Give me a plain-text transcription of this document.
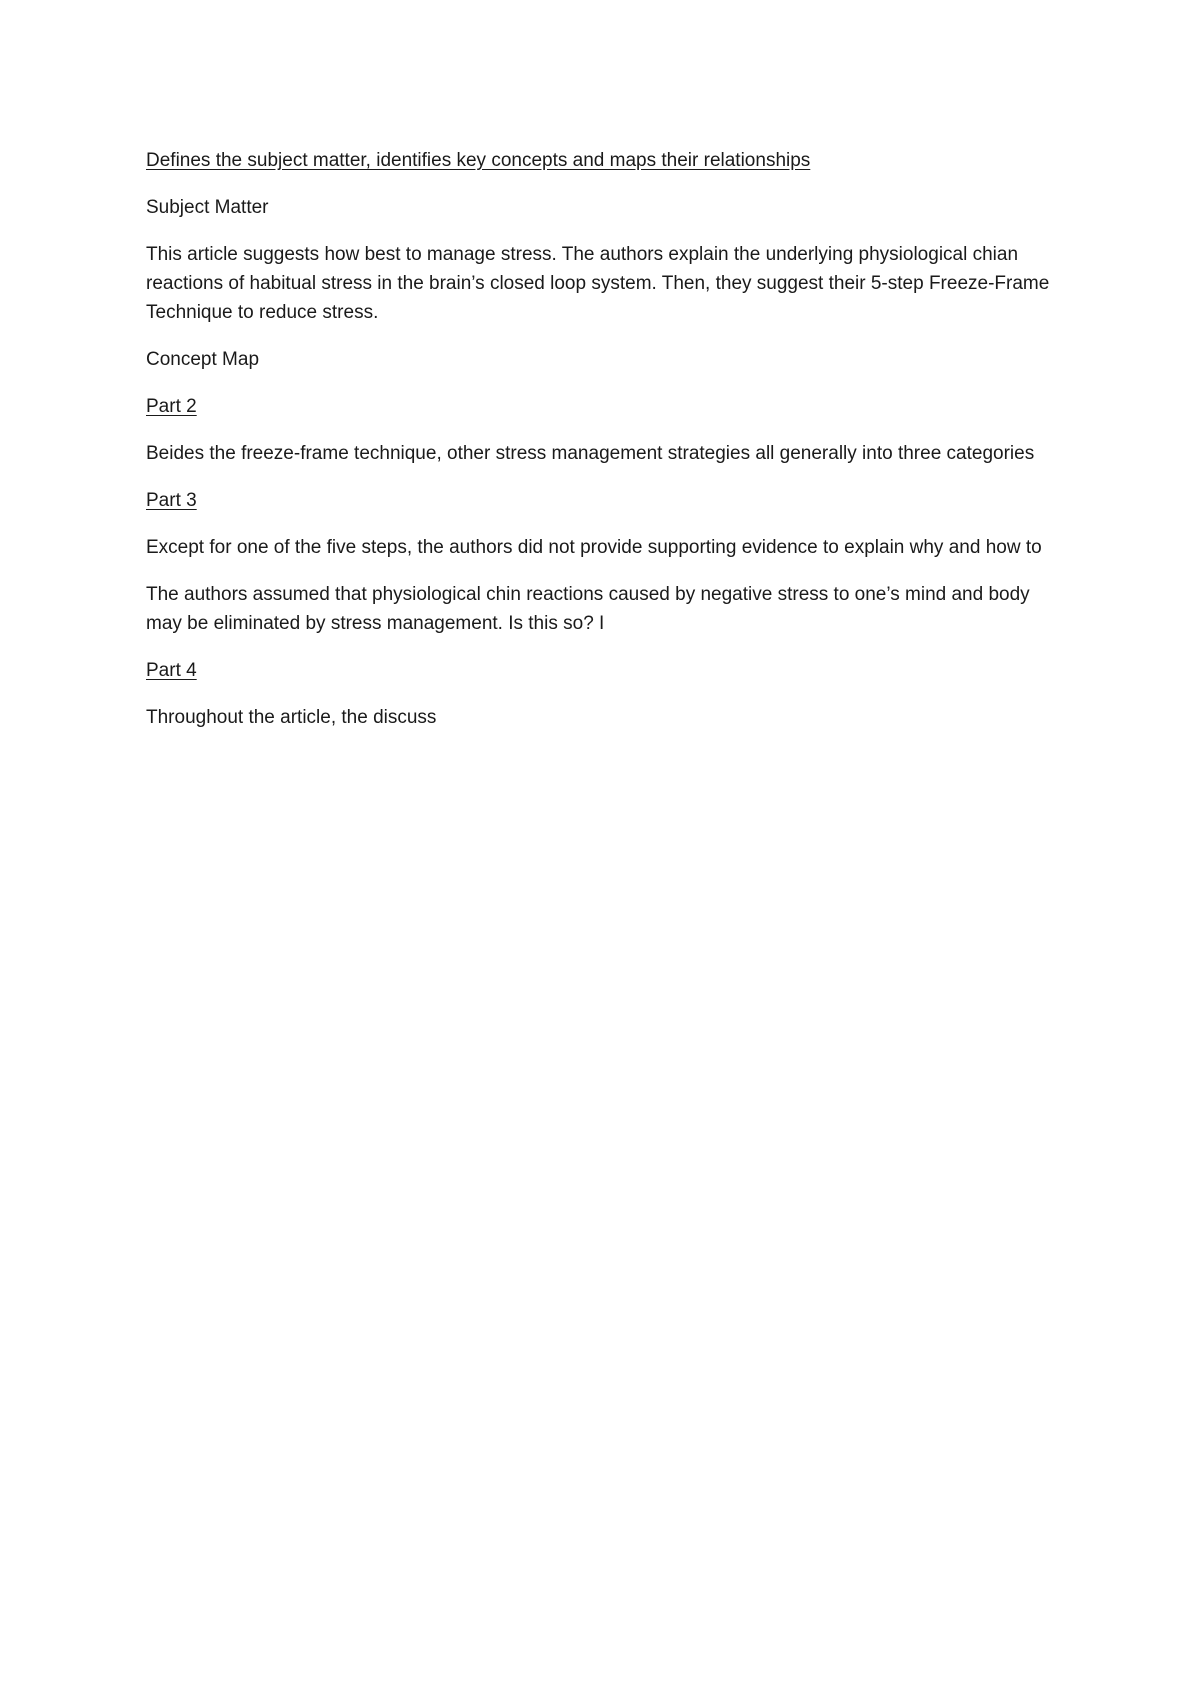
Defines the subject matter, identifies key concepts and maps their relationships

Subject Matter

This article suggests how best to manage stress. The authors explain the underlying physiological chian reactions of habitual stress in the brain’s closed loop system. Then, they suggest their 5-step Freeze-Frame Technique to reduce stress.

Concept Map

Part 2

Beides the freeze-frame technique, other stress management strategies all generally into three categories

Part 3

Except for one of the five steps, the authors did not provide supporting evidence to explain why and how to

The authors assumed that physiological chin reactions caused by negative stress to one’s mind and body may be eliminated by stress management. Is this so? I

Part 4

Throughout the article, the discuss
